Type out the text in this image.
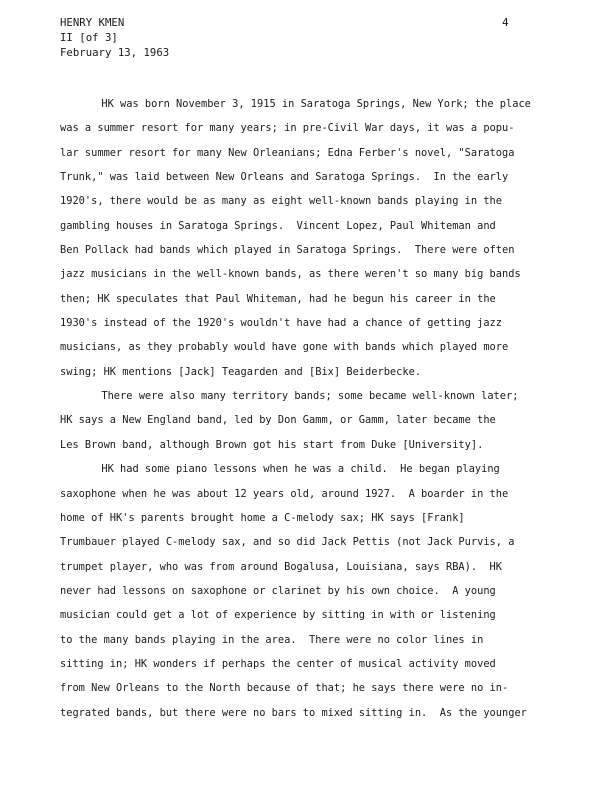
HENRY KMEN
II [of 3]
February 13, 1963
4
HK was born November 3, 1915 in Saratoga Springs, New York; the place
was a summer resort for many years; in pre-Civil War days, it was a popu-
lar summer resort for many New Orleanians; Edna Ferber's novel, "Saratoga
Trunk," was laid between New Orleans and Saratoga Springs.  In the early
1920's, there would be as many as eight well-known bands playing in the
gambling houses in Saratoga Springs.  Vincent Lopez, Paul Whiteman and
Ben Pollack had bands which played in Saratoga Springs.  There were often
jazz musicians in the well-known bands, as there weren't so many big bands
then; HK speculates that Paul Whiteman, had he begun his career in the
1930's instead of the 1920's wouldn't have had a chance of getting jazz
musicians, as they probably would have gone with bands which played more
swing; HK mentions [Jack] Teagarden and [Bix] Beiderbecke.
There were also many territory bands; some became well-known later;
HK says a New England band, led by Don Gamm, or Gamm, later became the
Les Brown band, although Brown got his start from Duke [University].
HK had some piano lessons when he was a child.  He began playing
saxophone when he was about 12 years old, around 1927.  A boarder in the
home of HK's parents brought home a C-melody sax; HK says [Frank]
Trumbauer played C-melody sax, and so did Jack Pettis (not Jack Purvis, a
trumpet player, who was from around Bogalusa, Louisiana, says RBA).  HK
never had lessons on saxophone or clarinet by his own choice.  A young
musician could get a lot of experience by sitting in with or listening
to the many bands playing in the area.  There were no color lines in
sitting in; HK wonders if perhaps the center of musical activity moved
from New Orleans to the North because of that; he says there were no in-
tegrated bands, but there were no bars to mixed sitting in.  As the younger
